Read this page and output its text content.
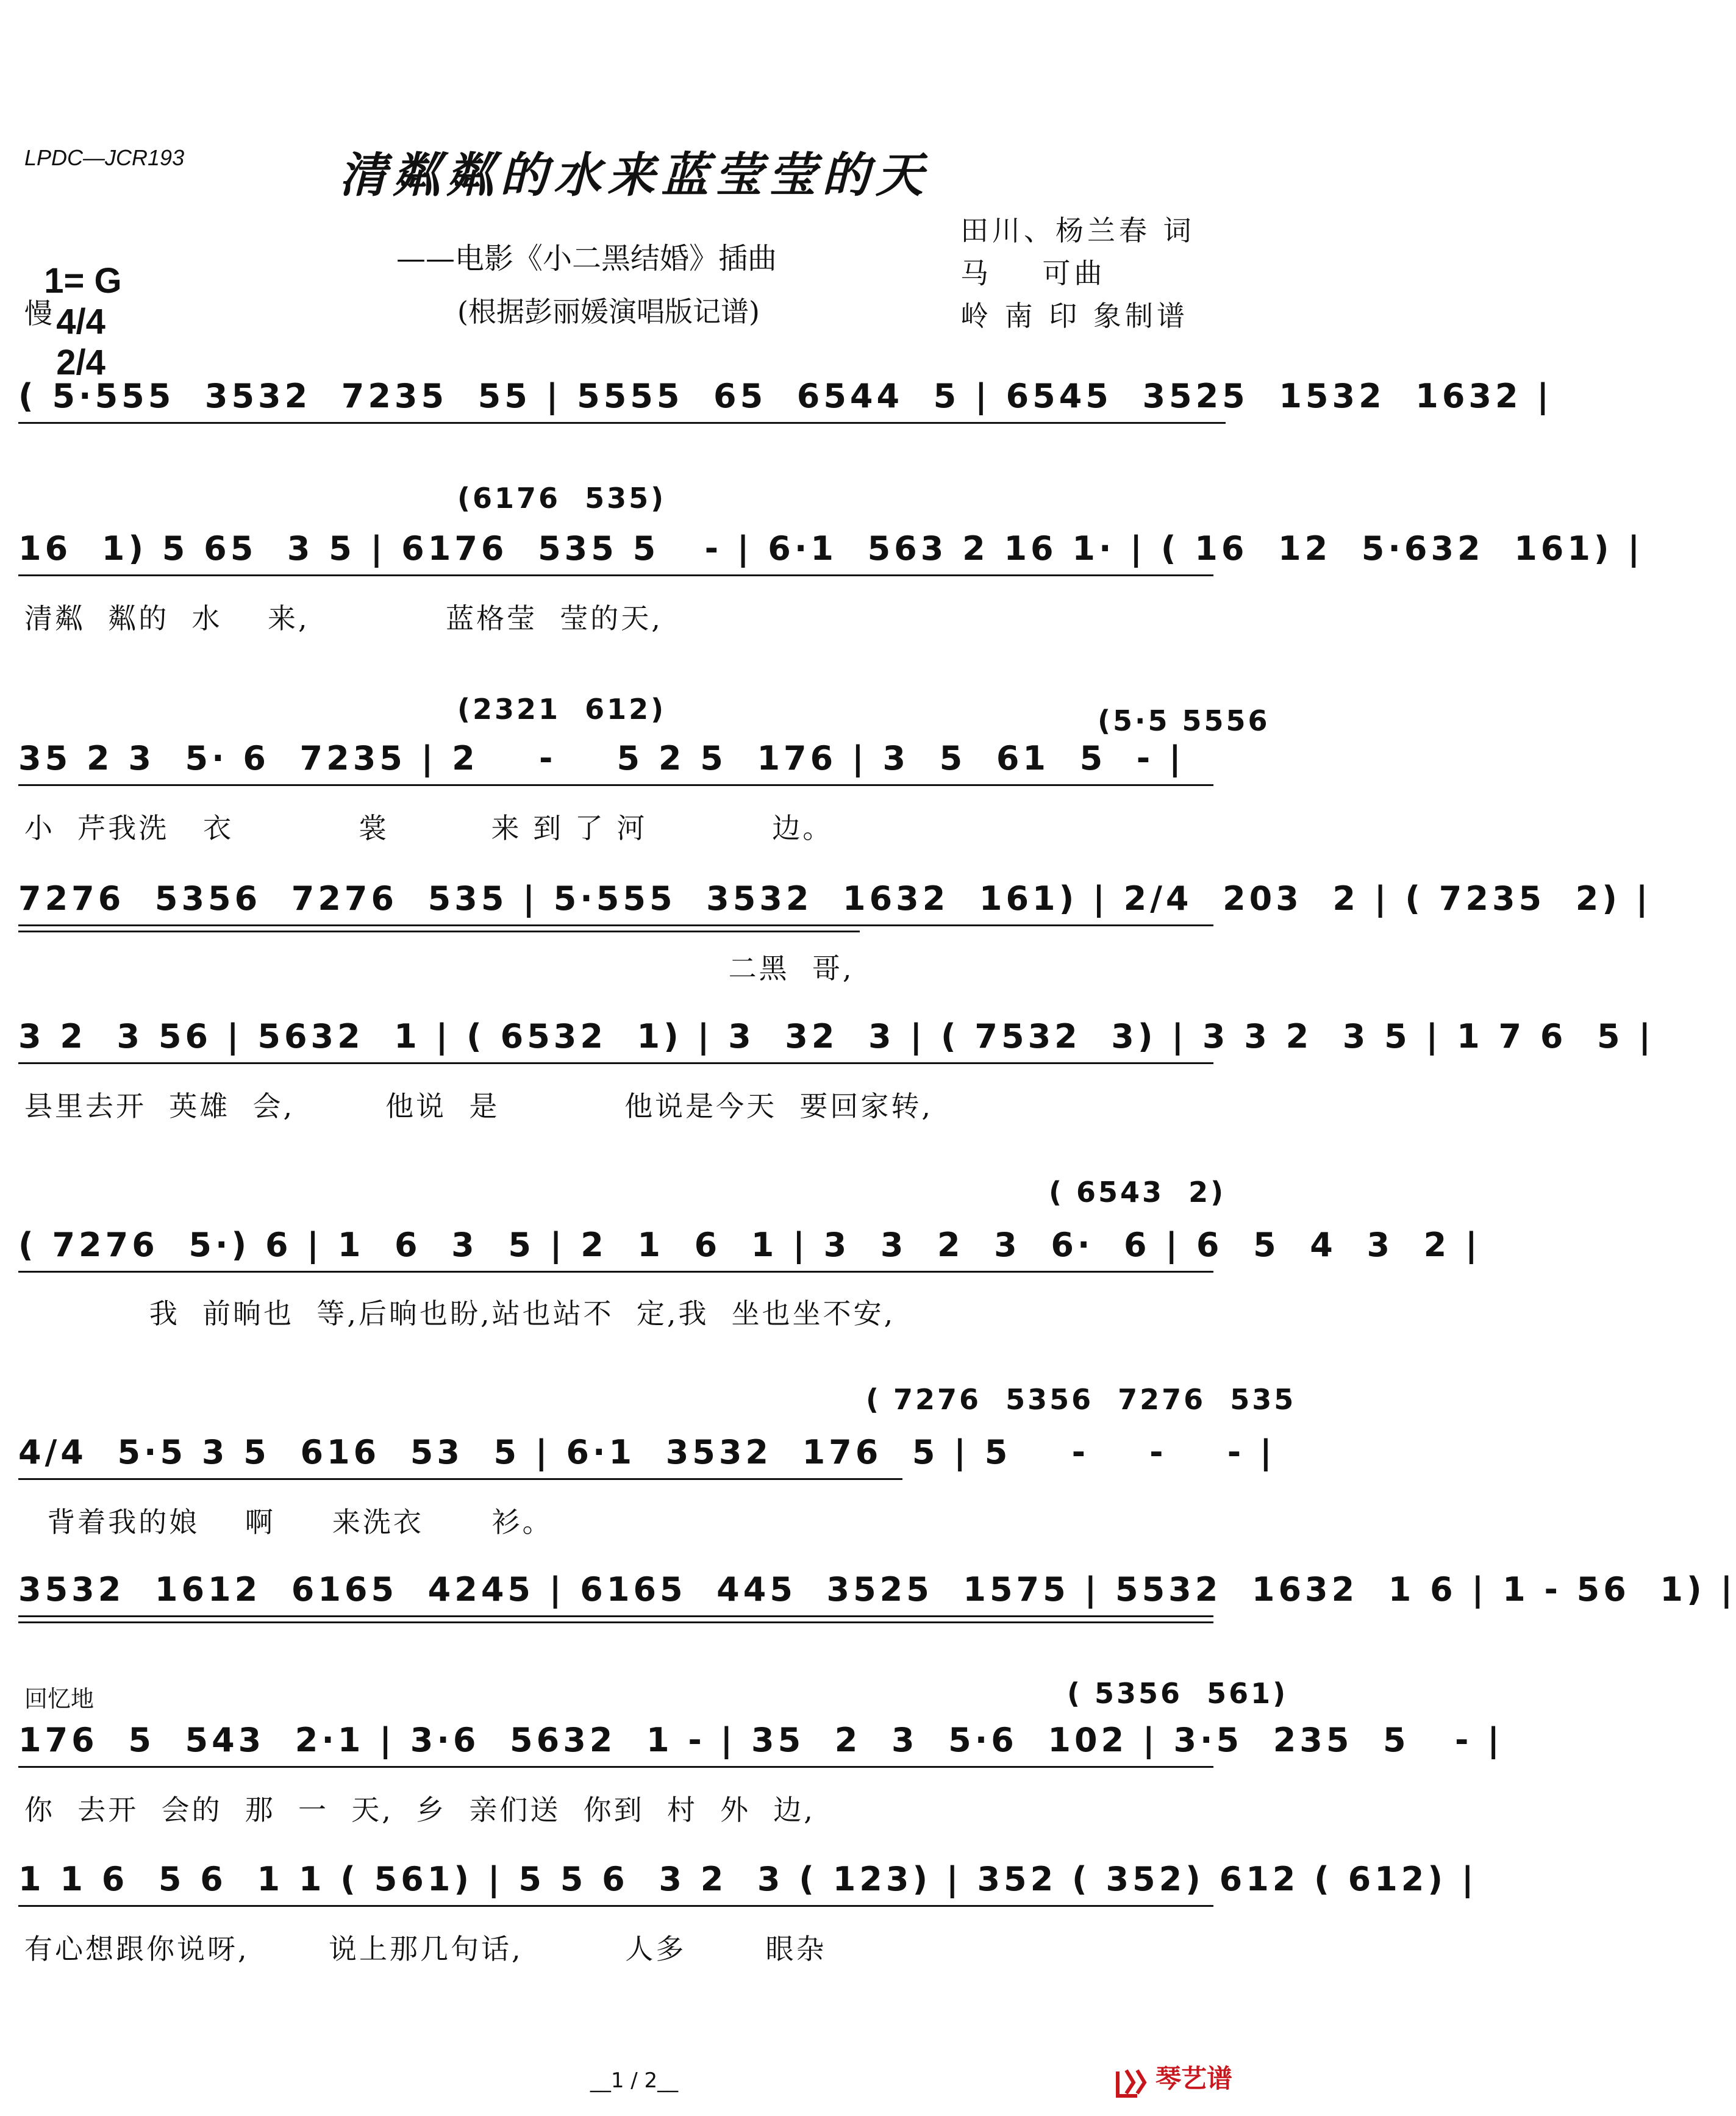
LPDC—JCR193	清粼粼的水来蓝莹莹的天

1= G
4/4
2/4

——电影《小二黑结婚》插曲
慢	(根据彭丽媛演唱版记谱)
田川、杨兰春 词
马    可曲
岭 南 印 象制谱

( 5·555  3532  7235  55 | 5555  65  6544  5 | 6545  3525  1532  1632 |

(6176  535)

16  1) 5 65  3 5 | 6176  535 5   - | 6·1  563 2 16 1· | ( 16  12  5·632  161) |

清粼  粼的  水    来,            蓝格莹  莹的天,

(2321  612)

	(5·5 5556

35 2 3  5· 6  7235 | 2    -    5 2 5  176 | 3  5  61  5  - |

小  芹我洗   衣           裳         来 到 了 河           边。

7276  5356  7276  535 | 5·555  3532  1632  161) | 2/4  203  2 | ( 7235  2) |

二黑  哥,

3 2  3 56 | 5632  1 | ( 6532  1) | 3  32  3 | ( 7532  3) | 3 3 2  3 5 | 1 7 6  5 |

县里去开  英雄  会,        他说  是           他说是今天  要回家转,

( 6543  2)

( 7276  5·) 6 | 1  6  3  5 | 2  1  6  1 | 3  3  2  3  6·  6 | 6  5  4  3  2 |

我  前晌也  等,后晌也盼,站也站不  定,我  坐也坐不安,

( 7276  5356  7276  535

4/4  5·5 3 5  616  53  5 | 6·1  3532  176  5 | 5    -    -    - |

背着我的娘    啊     来洗衣      衫。

3532  1612  6165  4245 | 6165  445  3525  1575 | 5532  1632  1 6 | 1 - 56  1) |

回忆地

	( 5356  561)

176  5  543  2·1 | 3·6  5632  1 - | 35  2  3  5·6  102 | 3·5  235  5   - |

你  去开  会的  那  一  天,  乡  亲们送  你到  村  外  边,

1 1 6  5 6  1 1 ( 561) | 5 5 6  3 2  3 ( 123) | 352 ( 352) 612 ( 612) |

有心想跟你说呀,       说上那几句话,         人多       眼杂
__1 / 2__

	琴艺谱
